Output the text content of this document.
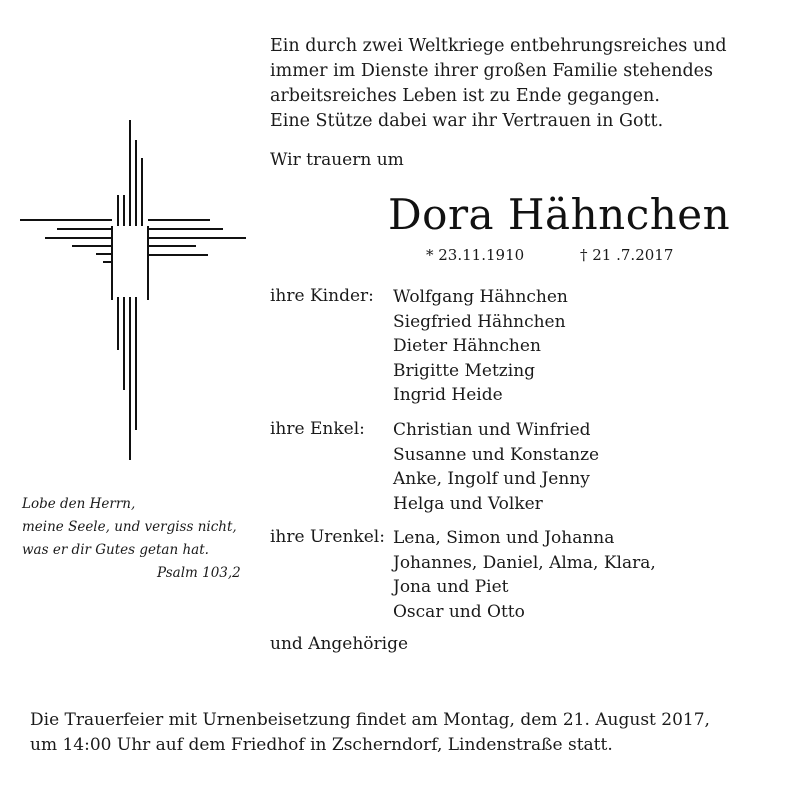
Ein durch zwei Weltkriege entbehrungsreiches und
immer im Dienste ihrer großen Familie stehendes
arbeitsreiches Leben ist zu Ende gegangen.
Eine Stütze dabei war ihr Vertrauen in Gott.
Wir trauern um
Dora Hähnchen
* 23.11.1910	† 21 .7.2017
ihre Kinder: Wolfgang Hähnchen
Siegfried Hähnchen
Dieter Hähnchen
Brigitte Metzing
Ingrid Heide
ihre Enkel: Christian und Winfried
Susanne und Konstanze
Anke, Ingolf und Jenny
Helga und Volker
ihre Urenkel: Lena, Simon und Johanna
Johannes, Daniel, Alma, Klara,
Jona und Piet
Oscar und Otto
und Angehörige
Lobe den Herrn,
meine Seele, und vergiss nicht,
was er dir Gutes getan hat.
Psalm 103,2
Die Trauerfeier mit Urnenbeisetzung findet am Montag, dem 21. August 2017,
um 14:00 Uhr auf dem Friedhof in Zscherndorf, Lindenstraße statt.
